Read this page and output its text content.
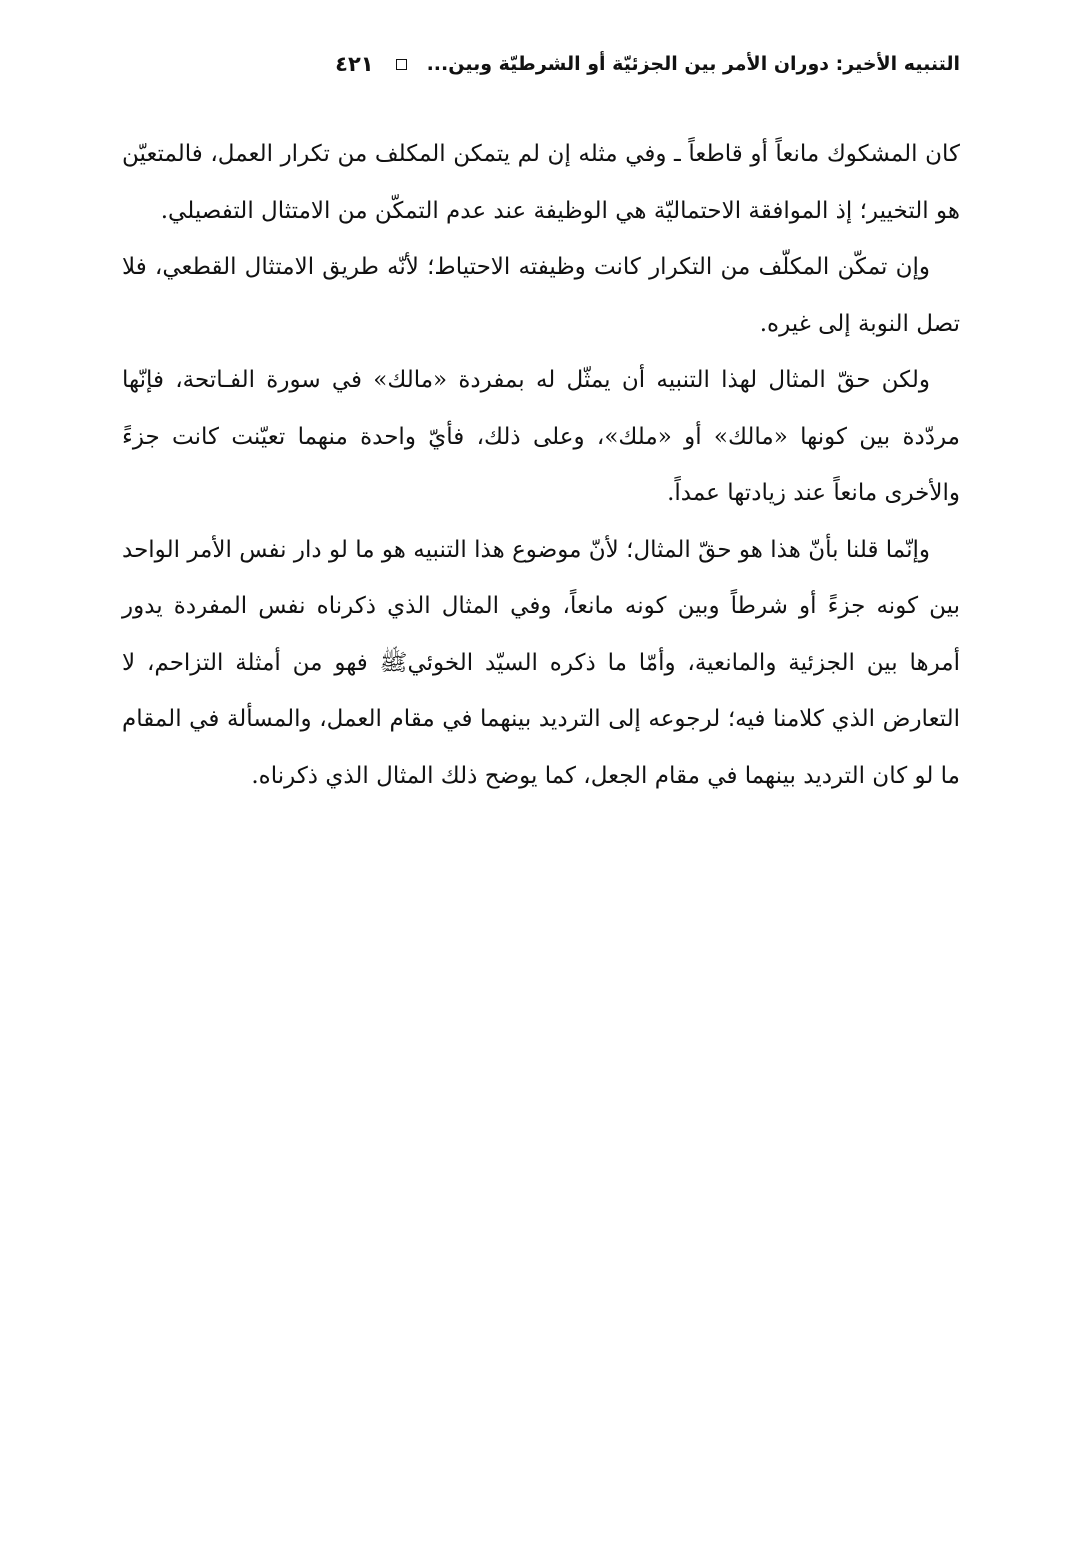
التنبيه الأخير: دوران الأمر بين الجزئيّة أو الشرطيّة وبين...
٤٢١

كان المشكوك مانعاً أو قاطعاً ـ وفي مثله إن لم يتمكن المكلف من تكرار العمل، فالمتعيّن هو التخيير؛ إذ الموافقة الاحتماليّة هي الوظيفة عند عدم التمكّن من الامتثال التفصيلي.

وإن تمكّن المكلّف من التكرار كانت وظيفته الاحتياط؛ لأنّه طريق الامتثال القطعي، فلا تصل النوبة إلى غيره.

ولكن حقّ المثال لهذا التنبيه أن يمثّل له بمفردة «مالك» في سورة الفـاتحة، فإنّها مردّدة بين كونها «مالك» أو «ملك»، وعلى ذلك، فأيّ واحدة منهما تعيّنت كانت جزءً والأخرى مانعاً عند زيادتها عمداً.

وإنّما قلنا بأنّ هذا هو حقّ المثال؛ لأنّ موضوع هذا التنبيه هو ما لو دار نفس الأمر الواحد بين كونه جزءً أو شرطاً وبين كونه مانعاً، وفي المثال الذي ذكرناه نفس المفردة يدور أمرها بين الجزئية والمانعية، وأمّا ما ذكره السيّد الخوئي‌ﷺ فهو من أمثلة التزاحم، لا التعارض الذي كلامنا فيه؛ لرجوعه إلى الترديد بينهما في مقام العمل، والمسألة في المقام ما لو كان الترديد بينهما في مقام الجعل، كما يوضح ذلك المثال الذي ذكرناه.
